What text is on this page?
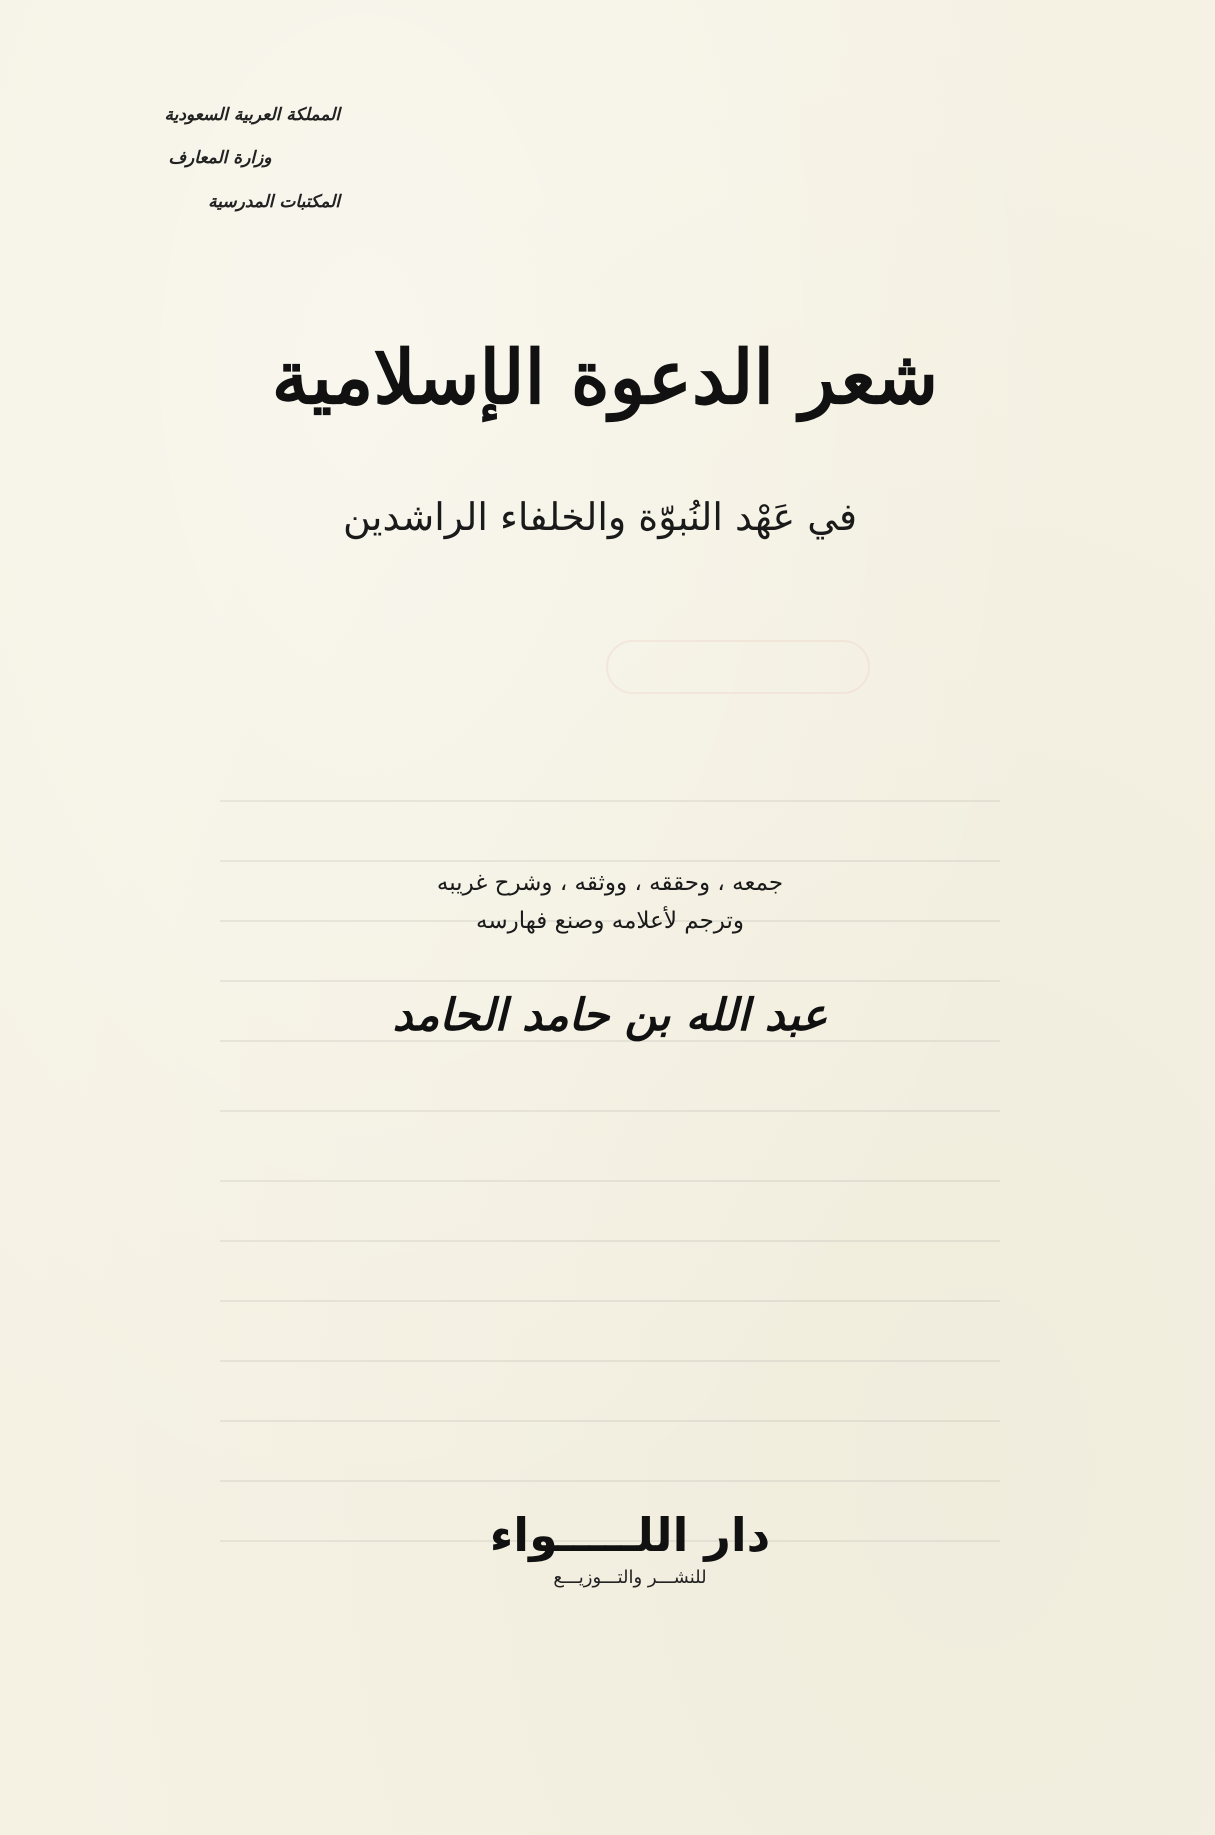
المملكة العربية السعودية
وزارة المعارف
المكتبات المدرسية
شعر الدعوة الإسلامية
في عَهْد النُبوّة والخلفاء الراشدين
جمعه ، وحققه ، ووثقه ، وشرح غريبه
وترجم لأعلامه وصنع فهارسه
عبد الله بن حامد الحامد
دار اللـــــواء
للنشـــر والتـــوزيـــع
